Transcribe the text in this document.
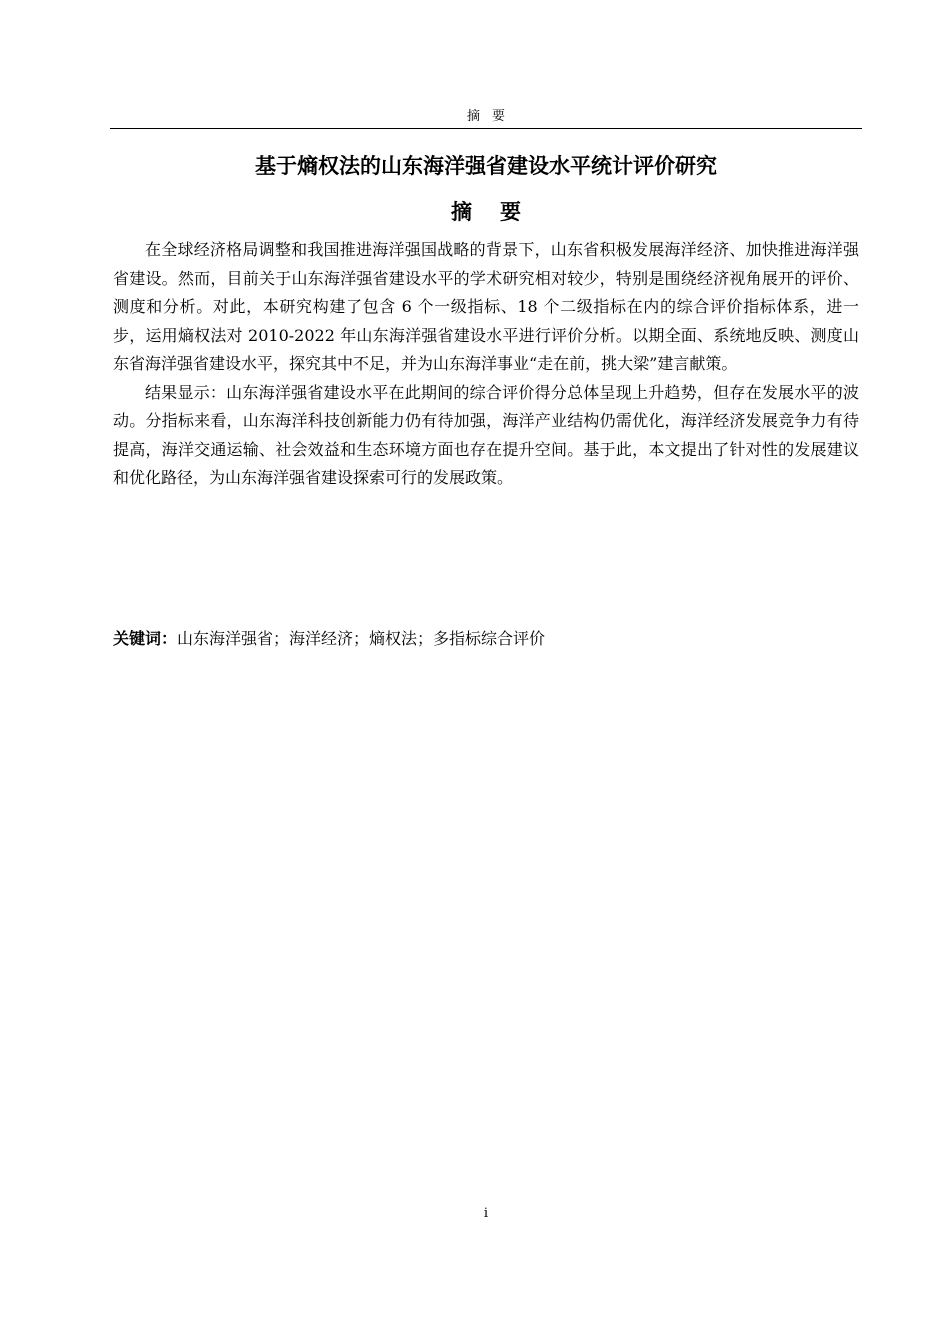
摘要
基于熵权法的山东海洋强省建设水平统计评价研究
摘要

在全球经济格局调整和我国推进海洋强国战略的背景下，山东省积极发展海洋经济、加快推进海洋强省建设。然而，目前关于山东海洋强省建设水平的学术研究相对较少，特别是围绕经济视角展开的评价、测度和分析。对此，本研究构建了包含 6 个一级指标、18 个二级指标在内的综合评价指标体系，进一步，运用熵权法对 2010-2022 年山东海洋强省建设水平进行评价分析。以期全面、系统地反映、测度山东省海洋强省建设水平，探究其中不足，并为山东海洋事业“走在前，挑大梁”建言献策。

结果显示：山东海洋强省建设水平在此期间的综合评价得分总体呈现上升趋势，但存在发展水平的波动。分指标来看，山东海洋科技创新能力仍有待加强，海洋产业结构仍需优化，海洋经济发展竞争力有待提高，海洋交通运输、社会效益和生态环境方面也存在提升空间。基于此，本文提出了针对性的发展建议和优化路径，为山东海洋强省建设探索可行的发展政策。

关键词：山东海洋强省；海洋经济；熵权法；多指标综合评价

i
